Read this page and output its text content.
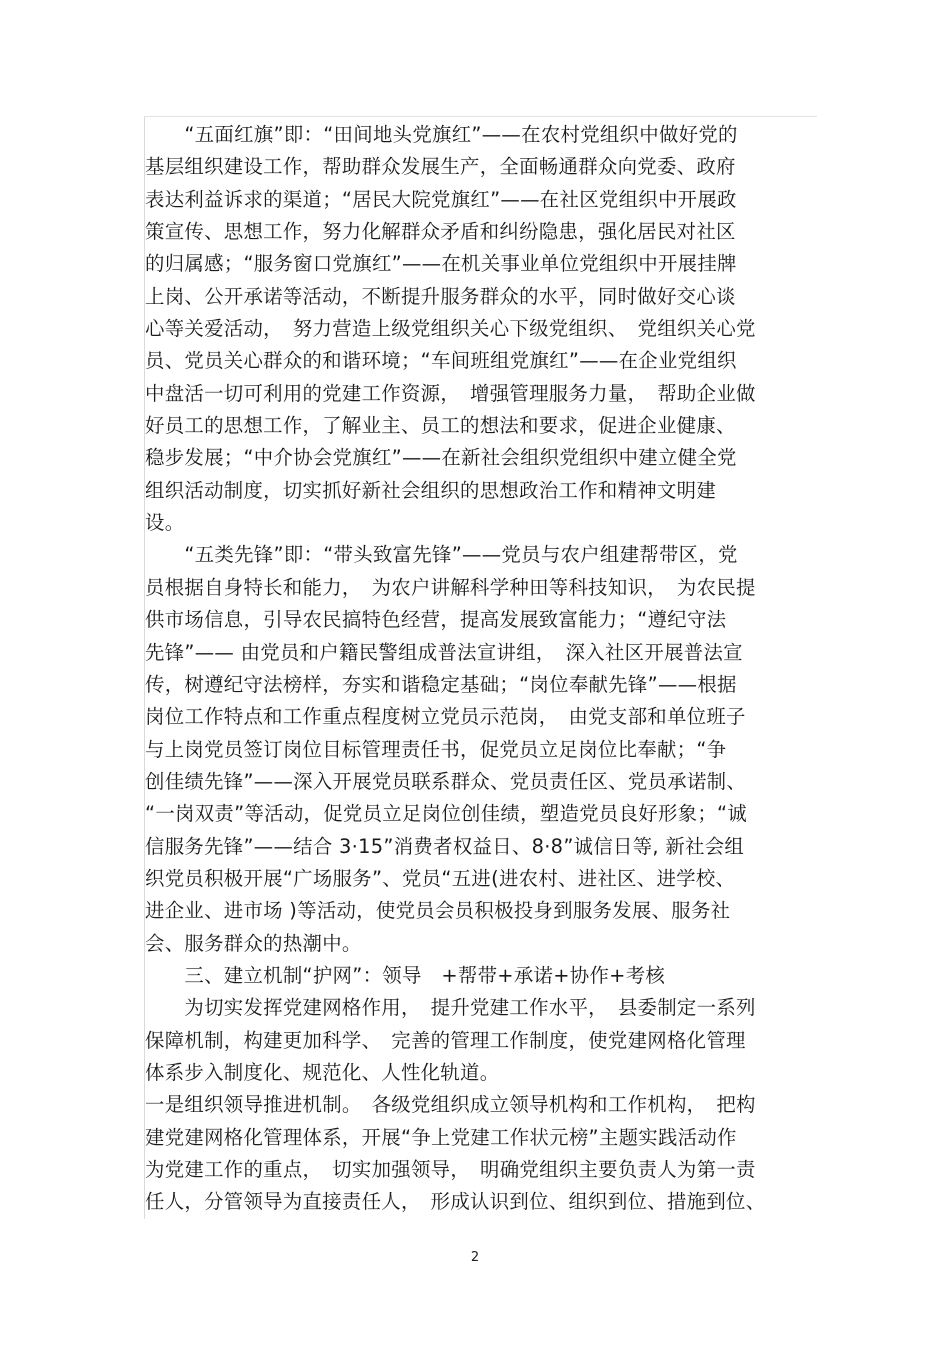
　　“五面红旗”即：“田间地头党旗红”——在农村党组织中做好党的
基层组织建设工作，帮助群众发展生产，全面畅通群众向党委、政府
表达利益诉求的渠道；“居民大院党旗红”——在社区党组织中开展政
策宣传、思想工作，努力化解群众矛盾和纠纷隐患，强化居民对社区
的归属感；“服务窗口党旗红”——在机关事业单位党组织中开展挂牌
上岗、公开承诺等活动，不断提升服务群众的水平，同时做好交心谈
心等关爱活动，　努力营造上级党组织关心下级党组织、　党组织关心党
员、党员关心群众的和谐环境；“车间班组党旗红”——在企业党组织
中盘活一切可利用的党建工作资源，　增强管理服务力量，　帮助企业做
好员工的思想工作，了解业主、员工的想法和要求，促进企业健康、
稳步发展；“中介协会党旗红”——在新社会组织党组织中建立健全党
组织活动制度，切实抓好新社会组织的思想政治工作和精神文明建
设。
　　“五类先锋”即：“带头致富先锋”——党员与农户组建帮带区，党
员根据自身特长和能力，　为农户讲解科学种田等科技知识，　为农民提
供市场信息，引导农民搞特色经营，提高发展致富能力；“遵纪守法
先锋”—— 由党员和户籍民警组成普法宣讲组，　深入社区开展普法宣
传，树遵纪守法榜样，夯实和谐稳定基础；“岗位奉献先锋”——根据
岗位工作特点和工作重点程度树立党员示范岗，　由党支部和单位班子
与上岗党员签订岗位目标管理责任书，促党员立足岗位比奉献；“争
创佳绩先锋”——深入开展党员联系群众、党员责任区、党员承诺制、
“一岗双责”等活动，促党员立足岗位创佳绩，塑造党员良好形象；“诚
信服务先锋”——结合 3·15”消费者权益日、8·8”诚信日等, 新社会组
织党员积极开展“广场服务”、党员“五进(进农村、进社区、进学校、
进企业、进市场 )等活动，使党员会员积极投身到服务发展、服务社
会、服务群众的热潮中。
　　三、建立机制“护网”：领导　+帮带+承诺+协作+考核
　　为切实发挥党建网格作用，　提升党建工作水平，　县委制定一系列
保障机制，构建更加科学、　完善的管理工作制度，使党建网格化管理
体系步入制度化、规范化、人性化轨道。
一是组织领导推进机制。　各级党组织成立领导机构和工作机构，　把构
建党建网格化管理体系，开展“争上党建工作状元榜”主题实践活动作
为党建工作的重点，　切实加强领导，　明确党组织主要负责人为第一责
任人，分管领导为直接责任人，　形成认识到位、组织到位、措施到位、
2
